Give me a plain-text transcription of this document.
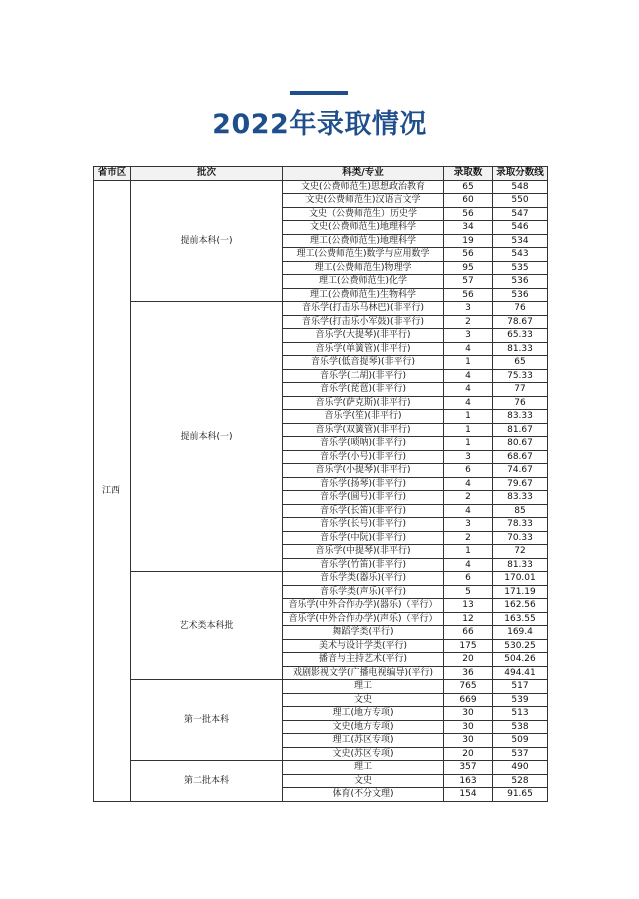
2022年录取情况
省市区	批次	科类/专业	录取数	录取分数线
江西	提前本科(一)	文史(公费师范生)思想政治教育	65	548
		文史(公费师范生)汉语言文学	60	550
		文史（公费师范生）历史学	56	547
		文史(公费师范生)地理科学	34	546
		理工(公费师范生)地理科学	19	534
		理工(公费师范生)数学与应用数学	56	543
		理工(公费师范生)物理学	95	535
		理工(公费师范生)化学	57	536
		理工(公费师范生)生物科学	56	536
	提前本科(一)	音乐学(打击乐马林巴)(非平行)	3	76
		音乐学(打击乐小军鼓)(非平行)	2	78.67
		音乐学(大提琴)(非平行)	3	65.33
		音乐学(单簧管)(非平行)	4	81.33
		音乐学(低音提琴)(非平行)	1	65
		音乐学(二胡)(非平行)	4	75.33
		音乐学(琵琶)(非平行)	4	77
		音乐学(萨克斯)(非平行)	4	76
		音乐学(笙)(非平行)	1	83.33
		音乐学(双簧管)(非平行)	1	81.67
		音乐学(唢呐)(非平行)	1	80.67
		音乐学(小号)(非平行)	3	68.67
		音乐学(小提琴)(非平行)	6	74.67
		音乐学(扬琴)(非平行)	4	79.67
		音乐学(圆号)(非平行)	2	83.33
		音乐学(长笛)(非平行)	4	85
		音乐学(长号)(非平行)	3	78.33
		音乐学(中阮)(非平行)	2	70.33
		音乐学(中提琴)(非平行)	1	72
		音乐学(竹笛)(非平行)	4	81.33
	艺术类本科批	音乐学类(器乐)(平行)	6	170.01
		音乐学类(声乐)(平行)	5	171.19
		音乐学(中外合作办学)(器乐)（平行）	13	162.56
		音乐学(中外合作办学)(声乐)（平行）	12	163.55
		舞蹈学类(平行)	66	169.4
		美术与设计学类(平行)	175	530.25
		播音与主持艺术(平行)	20	504.26
		戏剧影视文学(广播电视编导)(平行)	36	494.41
	第一批本科	理工	765	517
		文史	669	539
		理工(地方专项)	30	513
		文史(地方专项)	30	538
		理工(苏区专项)	30	509
		文史(苏区专项)	20	537
	第二批本科	理工	357	490
		文史	163	528
		体育(不分文理)	154	91.65
